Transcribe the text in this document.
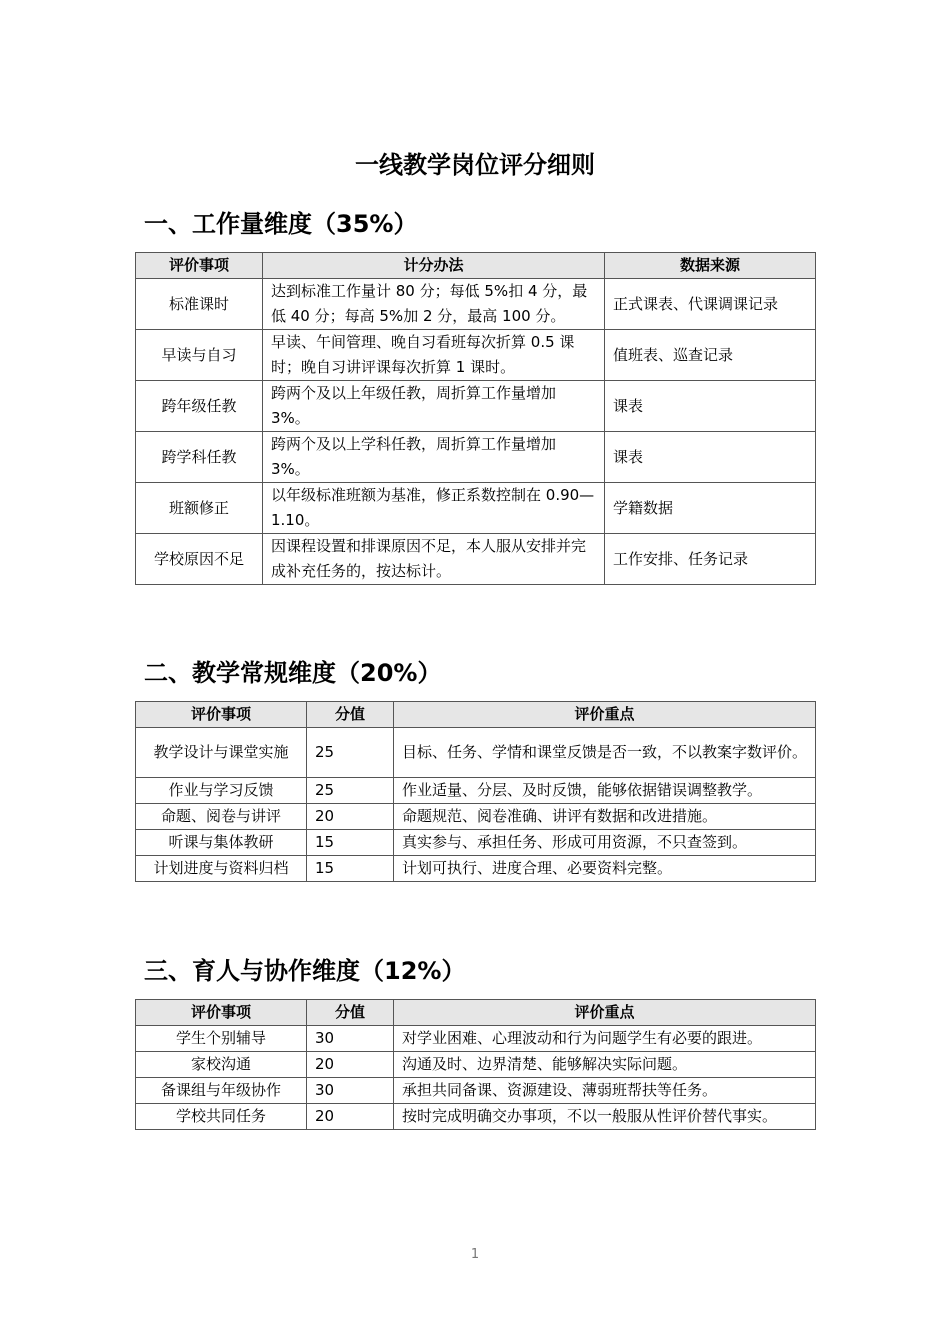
一线教学岗位评分细则
一、工作量维度（35%）
评价事项	计分办法	数据来源
标准课时	达到标准工作量计 80 分；每低 5%扣 4 分，最低 40 分；每高 5%加 2 分，最高 100 分。	正式课表、代课调课记录
早读与自习	早读、午间管理、晚自习看班每次折算 0.5 课时；晚自习讲评课每次折算 1 课时。	值班表、巡查记录
跨年级任教	跨两个及以上年级任教，周折算工作量增加 3%。	课表
跨学科任教	跨两个及以上学科任教，周折算工作量增加 3%。	课表
班额修正	以年级标准班额为基准，修正系数控制在 0.90—1.10。	学籍数据
学校原因不足	因课程设置和排课原因不足，本人服从安排并完成补充任务的，按达标计。	工作安排、任务记录
二、教学常规维度（20%）
评价事项	分值	评价重点
教学设计与课堂实施	25	目标、任务、学情和课堂反馈是否一致，不以教案字数评价。
作业与学习反馈	25	作业适量、分层、及时反馈，能够依据错误调整教学。
命题、阅卷与讲评	20	命题规范、阅卷准确、讲评有数据和改进措施。
听课与集体教研	15	真实参与、承担任务、形成可用资源，不只查签到。
计划进度与资料归档	15	计划可执行、进度合理、必要资料完整。
三、育人与协作维度（12%）
评价事项	分值	评价重点
学生个别辅导	30	对学业困难、心理波动和行为问题学生有必要的跟进。
家校沟通	20	沟通及时、边界清楚、能够解决实际问题。
备课组与年级协作	30	承担共同备课、资源建设、薄弱班帮扶等任务。
学校共同任务	20	按时完成明确交办事项，不以一般服从性评价替代事实。

1
